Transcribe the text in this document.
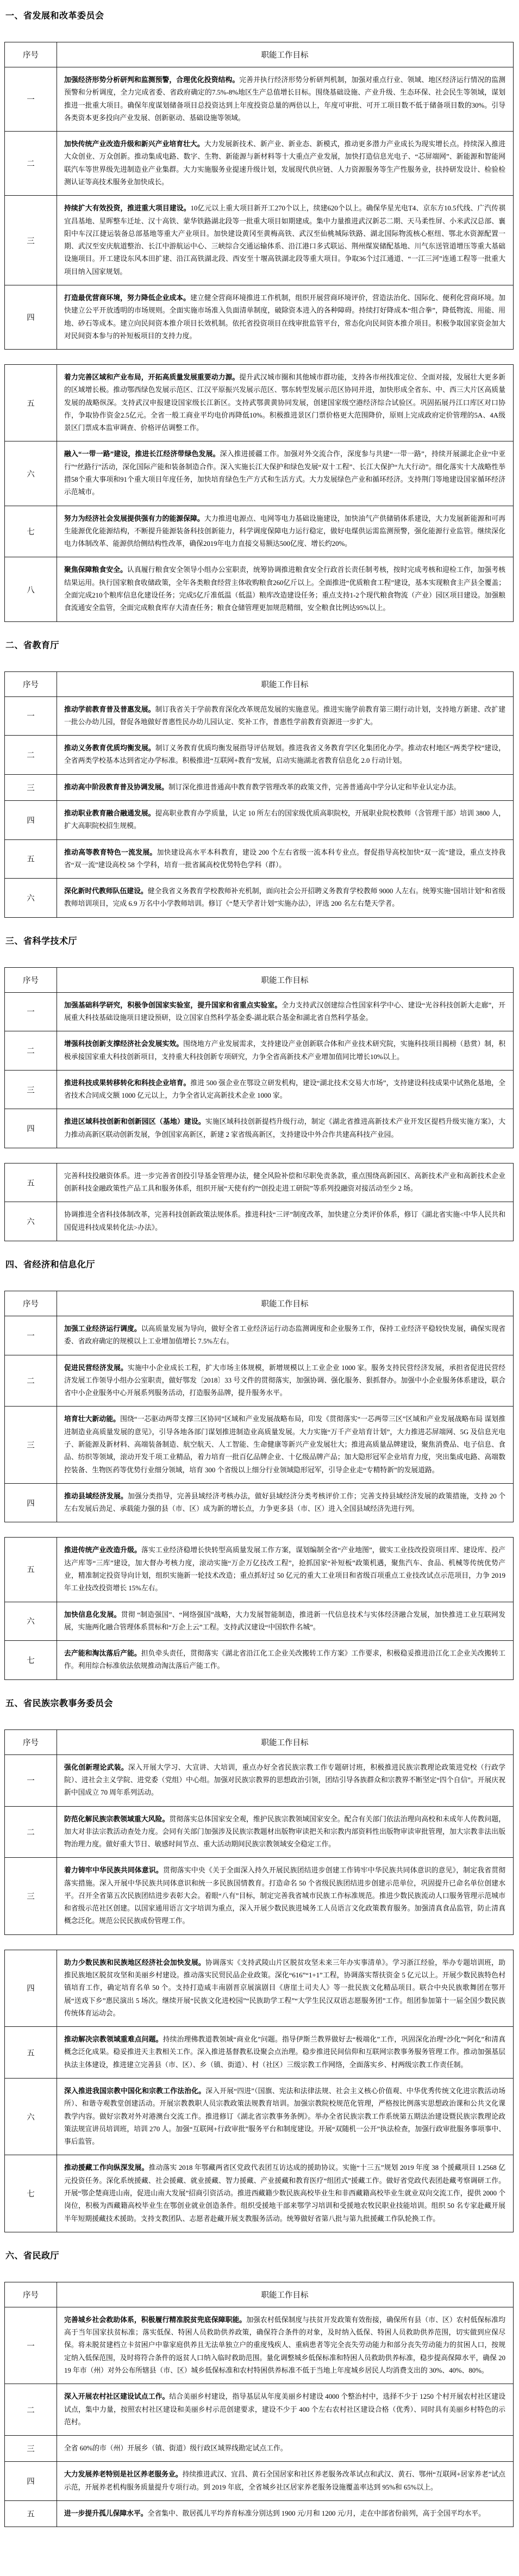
一、省发展和改革委员会
序号	职能工作目标
一
加强经济形势分析研判和监测预警，合理优化投资结构。完善并执行经济形势分析研判机制，加强对重点行业、领域、地区经济运行情况的监测预警和分析调度，全力完成省委、省政府确定的7.5%-8%地区生产总值增长目标。围绕基础设施、产业升级、生态环保、社会民生等领域，谋划推进一批重大项目。确保年度谋划储备项目总投资达到上年度投资总量的两倍以上，年度可审批、可开工项目数不低于储备项目数的30%。引导各类资本更多投向产业发展、创新驱动、基础设施等领域。
二
加快传统产业改造升级和新兴产业培育壮大。大力发展新技术、新产业、新业态、新模式，推动更多潜力产业成长为现实增长点。持续深入推进大众创业、万众创新。推动集成电路、数字、生物、新能源与新材料等十大重点产业发展，加快打造信息光电子、“芯屏端网”、新能源和智能网联汽车等世界级先进制造业产业集群。大力实施服务业提速升级计划，发展现代供应链、人力资源服务等生产性服务业，扶持研发设计、检验检测认证等高技术服务业加快成长。
三
持续扩大有效投资，推进重大项目建设。10亿元以上重大项目新开工270个以上，续建620个以上。确保华星光电T4、京东方10.5代线、广汽传祺宜昌基地、星晖整车迁址、汉十高铁、蒙华铁路湖北段等一批重大项目如期建成。集中力量推进武汉新芯二期、天马柔性屏、小米武汉总部、襄阳中车汉江捷运装备总部基地等重大产业项目。加快建设黄冈至黄梅高铁、武汉至仙桃城际铁路、湖北国际物流核心枢纽、鄂北水资源配置一期、武汉至安庆航道整治、长江中游航运中心、三峡综合交通运输体系、沿江港口多式联运、荆州煤炭储配基地、川气东送管道增压等重大基础设施项目。开工建设东风本田扩建、沿江高铁湖北段、西安至十堰高铁湖北段等重大项目。争取36个过江通道、“一江三河”连通工程等一批重大项目纳入国家规划。
四
打造最优营商环境，努力降低企业成本。建立健全营商环境推进工作机制，组织开展营商环境评价，营造法治化、国际化、便利化营商环境。加快建立公平开放透明的市场规则。全面实施市场准入负面清单制度，破除资本进入的各种障碍。持续打好降成本“组合拳”，降低物流、用能、用地、砂石等成本。建立向民间资本推介项目长效机制。依托省投资项目在线审批监管平台，常态化向民间资本推介项目。积极争取国家资金加大对民间资本参与的补短板项目的支持力度。
五
着力完善区域和产业布局，开拓高质量发展重要动力源。提升武汉城市圈和其他城市群功能，支持各市州找准定位、全面对接，发展壮大更多新的区域增长极。推动鄂西绿色发展示范区、江汉平原振兴发展示范区、鄂东转型发展示范区协同并进，加快形成全省东、中、西三大片区高质量发展的战略纵深。支持武汉申报建设国家级长江新区。支持武鄂黄黄协同发展，创建国家级空港经济综合试验区。巩固拓展丹江口库区对口协作，争取协作资金2.5亿元。全省一般工商业平均电价再降低10%。积极推进景区门票价格更大范围降价，原则上完成政府定价管理的5A、4A级景区门票成本监审调查、价格评估调整工作。
六
融入“一带一路”建设，推进长江经济带绿色发展。深入推进援疆工作。加强对外交流合作，深度参与共建“一带一路”，持续开展湖北企业“中亚行”“丝路行”活动，深化国际产能和装备制造合作。深入实施长江大保护和绿色发展“双十工程”、长江大保护“九大行动”。细化落实十大战略性举措58个重大事项和91个重大项目年度任务，加快培育绿色生产方式和生活方式。大力发展绿色产业和循环经济。支持荆门等地建设国家循环经济示范城市。
七
努力为经济社会发展提供强有力的能源保障。大力推进电源点、电网等电力基础设施建设，加快油气产供储销体系建设，大力发展新能源和可再生能源优化能源结构，不断提升能源装备科技创新能力，科学调度保障电力运行稳定，做好电煤供运需监测预警，强化能源行业监管。继续深化电力体制改革、能源供给侧结构性改革，确保2019年电力直接交易额达500亿度、增长约20%。
八
聚焦保障粮食安全。认真履行粮食安全领导小组办公室职责，统筹协调推进粮食安全行政首长责任制考核，按时完成考核和迎检工作，加强考核结果运用。执行国家粮食收储政策，全年各类粮食经营主体收购粮食260亿斤以上。全面推进“优质粮食工程”建设，基本实现粮食主产县全覆盖；全面完成210个粮库信息化建设任务；完成5亿斤准低温（低温）粮库改造建设任务；重点支持1-2个现代粮食物流（产业）园区项目建设。加强粮食流通安全监管，全面完成粮食库存大清查任务；粮食仓储管理更加规范精细，安全粮食比例达95%以上。
二、省教育厅
序号	职能工作目标
一
推动学前教育普及普惠发展。制订我省关于学前教育深化改革规范发展的实施意见。推进实施学前教育第三期行动计划，支持地方新建、改扩建一批公办幼儿园，督促各地做好普惠性民办幼儿园认定、奖补工作，普惠性学前教育资源进一步扩大。
二
推动义务教育优质均衡发展。制订义务教育优质均衡发展指导评估规划。推进我省义务教育学区化集团化办学。推动农村地区“两类学校”建设，全省两类学校基本达到省定办学标准。积极推进“互联网+教育”发展，启动实施湖北省教育信息化 2.0 行动计划。
三	推动高中阶段教育普及协调发展。制订深化推进普通高中教育教学管理改革的政策文件，完善普通高中学分认定和毕业认定办法。
四
推动职业教育融合融通发展。提高职业教育办学质量，认定 10 所左右的国家级优质高职院校，开展职业院校教师（含管理干部）培训 3800 人，扩大高职院校招生规模。
五
推动高等教育特色一流发展。加快建设高水平本科教育，建设 200 个左右省级一流本科专业点。督促指导高校加快“双一流”建设，重点支持我省“双一流”建设高校 58 个学科，培育一批省属高校优势特色学科（群）。
六
深化新时代教师队伍建设。健全我省义务教育学校教师补充机制，面向社会公开招聘义务教育学校教师 9000 人左右。统筹实施“国培计划”和省级教师培训项目，完成 6.9 万名中小学教师培训。修订《“楚天学者计划”实施办法》，评选 200 名左右楚天学者。
三、省科学技术厅
序号	职能工作目标
一
加强基础科学研究，积极争创国家实验室，提升国家和省重点实验室。全力支持武汉创建综合性国家科学中心、建设“光谷科技创新大走廊”，开展重大科技基础设施项目建设预研，设立国家自然科学基金委-湖北联合基金和湖北省自然科学基金。
二
增强科技创新支撑经济社会发展实效。围绕地方产业发展需求，支持建设产业创新联合体和产业技术研究院，实施科技项目揭榜（悬赏）制，积极承接国家重大科技创新项目，支持重大科技创新专项研究，力争全省高新技术产业增加值同比增长10%以上。
三
推进科技成果转移转化和科技企业培育。推进 500 强企业在鄂设立研发机构，建设“湖北技术交易大市场”，支持建设科技成果中试熟化基地，全省技术合同成交额 1000 亿元以上，力争全省认定高新技术企业 1000 家。
四
推进区域科技创新和创新园区（基地）建设。实施区域科技创新提档升级行动，制定《湖北省推进高新技术产业开发区提档升级实施方案》，大力推动高新区联动创新发展，争创国家高新区，新建 2 家省级高新区，支持建设中外合作共建高科技产业园。
五
完善科技投融资体系。进一步完善省创投引导基金管理办法，健全风险补偿和尽职免责条款，重点围绕高新园区、高新技术产业和高新技术企业创新科技金融政策性产品工具和服务体系，组织开展“天使有约”“创投走进工研院”等系列投融资对接活动至少 2 场。
六
协调推进全省科技体制改革，完善科技创新政策法规体系。推进科技“三评”制度改革，加快建立分类评价体系，修订《湖北省实施<中华人民共和国促进科技成果转化法>办法》。
四、省经济和信息化厅
序号	职能工作目标
一
加强工业经济运行调度。以高质量发展为导向，做好全省工业经济运行动态监测调度和企业服务工作，保持工业经济平稳较快发展，确保实现省委、省政府确定的规模以上工业增加值增长 7.5%左右。
二
促进民营经济发展。实施中小企业成长工程，扩大市场主体规模，新增规模以上工业企业 1000 家。服务支持民营经济发展，承担省促进民营经济发展工作领导小组办公室职责，做好鄂发〔2018〕33 号文件的贯彻落实，加强协调、强化服务、狠抓督办。加强中小企业服务体系建设，联合省中小企业服务中心开展系列服务活动，打造服务品牌，提升服务水平。
三
培育壮大新动能。围绕“一芯驱动两带支撑三区协同”区域和产业发展战略布局，印发《贯彻落实“一芯两带三区”区域和产业发展战略布局 谋划推进制造业高质量发展的意见》，引导各地各部门谋划推进制造业高质量发展。大力实施“万千产业培育计划”，大力推进芯屏端网、5G 及信息光电子、新能源及新材料、高端装备制造、航空航天、人工智能、生命健康等新兴产业发展壮大；推进高质量品牌建设，聚焦消费品、电子信息、食品、纺织等领域，滚动开发千项工业精品，着力培育一批百亿品牌企业、十亿级品牌产品；加大隐形冠军企业培育力度，突出集成电路、高端数控装备、生物医药等优势行业细分领域，培育 300 个省级以上细分行业领域隐形冠军，引导企业走“专精特新”的发展道路。
四
推动县域经济发展。加强分类指导，完善县域经济考核办法，做好县域经济分类考核评价工作；完善支持县域经济发展的政策措施，支持 20 个左右发展后劲足、承载能力强的县（市、区）成为新的增长点，力争更多县（市、区）进入全国县域经济先进行列。
五
推进传统产业改造升级。落实工业经济稳增长快转型高质量发展工作方案，谋划编制全省“产业地图”，做实工业技改投资项目库、建设库、投产达产库等“三库”建设，加大督办考核力度，滚动实施“万企万亿技改工程”，抢抓国家“补短板”政策机遇，聚焦汽车、食品、机械等传统优势产业，精准制定投资导向计划，组织实施新一轮技术改造；重点抓好过 50 亿元的重大工业项目和省级百项重点工业技改试点示范项目，力争 2019 年工业技改投资增长 15%左右。
六
加快信息化发展。贯彻 “制造强国”、“网络强国”战略，大力发展智能制造，推进新一代信息技术与实体经济融合发展，加快推进工业互联网发展，实施两化融合管理体系贯标和“万企上云”工程。支持武汉建设“中国软件名城”。
七
去产能和淘汰落后产能。担负牵头责任，贯彻落实《湖北省沿江化工企业关改搬转工作方案》工作要求，积极稳妥推进沿江化工企业关改搬转工作。利用综合标准依法依规推动淘汰落后产能工作。
五、省民族宗教事务委员会
序号	职能工作目标
一
强化创新理论武装。深入开展大学习、大宣讲、大培训，重点办好全省民族宗教工作专题研讨班，积极推进民族宗教理论政策进党校（行政学院）、进社会主义学院、进党委（党组）中心组。加强对民族宗教界的思想政治引领，团结引导各族群众和宗教界不断坚定“四个自信”。开展庆祝新中国成立 70 周年系列活动。
二
防范化解民族宗教领域重大风险。贯彻落实总体国家安全观，维护民族宗教领域国家安全。配合有关部门依法治理向高校和未成年人传教问题，加大对非法宗教活动查处力度。会同有关部门加强涉及民族宗教题材出版物审读把关和宗教内部资料性出版物审读审批管理，加大宗教非法出版物治理力度。做好重大节日、敏感时间节点、重大活动期间民族宗教领域安全稳定工作。
三
着力铸牢中华民族共同体意识。贯彻落实中央《关于全面深入持久开展民族团结进步创建工作铸牢中华民族共同体意识的意见》，制定我省贯彻落实措施。深入开展中华民族共同体意识和统一多民族国情教育。打造命名 50 个省级民族团结进步创建示范单位，巩固提升已命名单位创建水平。召开全省第五次民族团结进步表彰大会。着眼“八有”目标，制定完善我省城市民族工作标准规范。推进少数民族流动人口服务管理示范城市和省级示范社区创建。以国家通用语言文字培训为重点，深入开展少数民族进城务工人员语言文化政策教育服务。加强清真食品监管，防止清真概念泛化。规范公民民族成份管理工作。
四
助力少数民族和民族地区经济社会加快发展。协调落实《支持武陵山片区脱贫攻坚未来三年办实事清单》。学习浙江经验，举办专题培训班，助推民族地区脱贫攻坚和美丽乡村建设。推动落实民贸民品企业政策。深化“616”“1+1”工程，协调落实帮扶资金 5 亿元以上。开展少数民族特色村镇培育工作，确定培育名单 50 个。支持打造咸丰南剧晋京展演剧目《唐崖土司夫人》等一批民族文化精品项目。联合中央民族歌舞团在鄂开展“送戏下乡”惠民演出 5 场次。继续开展“民族文化进校园”“民族助学工程”“大学生民汉双语志愿服务团”工作。组团参加第十一届全国少数民族传统体育运动会。
五
推动解决宗教领域重难点问题。持续治理佛教道教领域“商业化”问题。指导伊斯兰教界做好去“极端化”工作，巩固深化治理“沙化”“阿化”和清真概念泛化成果。稳妥推进天主教相关工作。深入推进基督教私设聚会点治理。稳步推进民间信仰和互联网宗教事务服务管理工作。推动加强基层执法主体建设，推进建立完善县（市、区）、乡（镇、街道）、村（社区）三级宗教工作网络，全面落实乡、村两级宗教工作责任制。
六
深入推进我国宗教中国化和宗教工作法治化。深入开展“四进”（国旗、宪法和法律法规、社会主义核心价值观、中华优秀传统文化进宗教活动场所）、和谐寺观教堂创建活动。开展宗教教职人员宗教政策法规教育培训。加强宗教院校规范化管理，严格按比例落实思想政治课和公共文化课教学内容。做好宗教对外对港澳台交流工作。推进修订《湖北省宗教事务条例》。举办全省民族宗教工作系统第五期法治建设暨民族宗教理论政策法规宣讲员培训班，培训 270 人。加强“互联网+行政审批”服务平台和制度建设。开展“双随机一公开”执法检查，加强行政审批服务事项事中、事后监管。
七
推动援藏工作向纵深发展。推动落实 2018 年鄂藏两省区党政代表团互访达成的援助协议。实施“十三五”规划 2019 年度 38 个援藏项目 1.2568 亿元投资任务。深化系统援藏、社会援藏、就业援藏、智力援藏、产业援藏和教育医疗“组团式”援藏工作。做好省党政代表团赴藏考察调研工作。开展“鄂企楚商进山南，促进山南大发展”招商引资活动。推进西藏籍少数民族高校毕业生和非西藏籍高校毕业生就业双向交流工作，提供 2000 个岗位，积极为西藏籍高校毕业生在鄂创业就业创造条件。组织受援地干部来鄂学习培训和受援地农牧民职业技能培训。组织 50 名专家赴藏开展半年短期援藏技术援助。支持支教团队、志愿者赴藏开展支教服务活动。统筹做好省第八批与第九批援藏工作队轮换工作。
六、省民政厅
序号	职能工作目标
一
完善城乡社会救助体系，积极履行精准脱贫兜底保障职能。加强农村低保制度与扶贫开发政策有效衔接，确保所有县（市、区）农村低保标准均高于当年国家扶贫标准；落实低保、特困人员救助供养政策，确保符合条件的对象，及时纳入低保、特困人员救助供养范围，切实做到应保尽保。将未脱贫建档立卡贫困户中靠家庭供养且无法单独立户的重度残疾人、重病患者等完全丧失劳动能力和部分丧失劳动能力的贫困人口，按规定纳入低保范围，及时将符合条件的返贫人口纳入临时救助范围。量化调整城乡低保标准和特困人员救助供养标准，稳步提高保障水平，确保 2019 年市（州）对外公布所辖县（市、区）城乡低保标准和农村特困供养标准不低于当地上年度城乡居民人均消费支出的 30%、40%、80%。
二
深入开展农村社区建设试点工作。结合美丽乡村建设，指导基层从年度美丽乡村建设 4000 个整治村中，选择不少于 1250 个村开展农村社区建设试点，集中力量，按照农村社区建设和美丽乡村示范创建要求，建设不少于 400 个左右农村社区建设合格（优秀）、同时具有美丽乡村特色的示范村。
三	全省 60%的市（州）开展乡（镇、街道）级行政区域界线勘定试点工作。
四
大力发展养老特别是社区养老服务业。持续推进武汉、宜昌、黄石全国居家和社区养老服务改革试点和武汉、黄石、鄂州“互联网+居家养老”试点示范，开展养老机构服务质量提升专项行动。到 2019 年底，全省城乡社区居家养老服务设施覆盖率达到 95%和 65%以上。
五	进一步提升孤儿保障水平。全省集中、散居孤儿平均养育标准分别达到 1900 元/月和 1200 元/月，走在中部省份前列，高于全国平均水平。
